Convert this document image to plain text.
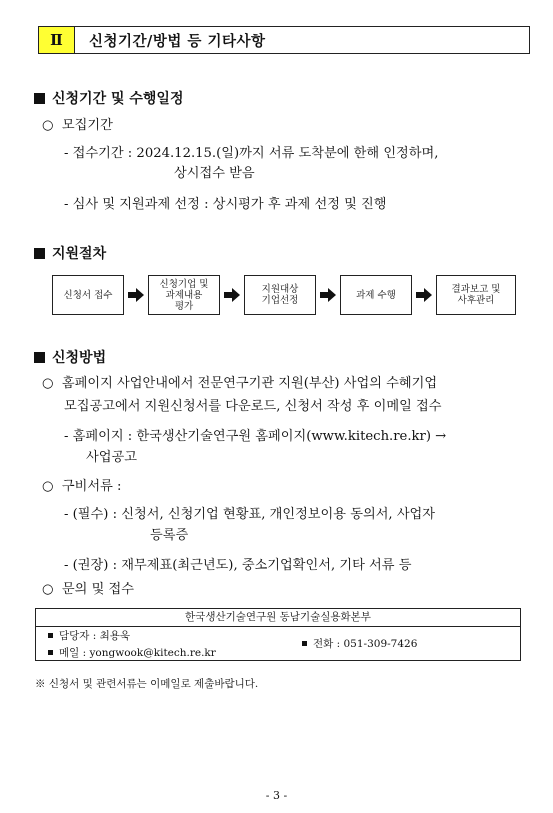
Ⅱ	신청기간/방법 등 기타사항
신청기간 및 수행일정
○ 모집기간
- 접수기간 : 2024.12.15.(일)까지 서류 도착분에 한해 인정하며,
상시접수 받음
- 심사 및 지원과제 선정 : 상시평가 후 과제 선정 및 진행
지원절차
신청서 접수
신청기업 및
과제내용
평가
지원대상
기업선정	과제 수행	결과보고 및
사후관리
신청방법
○ 홈페이지 사업안내에서 전문연구기관 지원(부산) 사업의 수혜기업
모집공고에서 지원신청서를 다운로드, 신청서 작성 후 이메일 접수
- 홈페이지 : 한국생산기술연구원 홈페이지(www.kitech.re.kr) →
사업공고
○ 구비서류 :
- (필수) : 신청서, 신청기업 현황표, 개인정보이용 동의서, 사업자
등록증
- (권장) : 재무제표(최근년도), 중소기업확인서, 기타 서류 등
○ 문의 및 접수
한국생산기술연구원 동남기술실용화본부
담당자 : 최용욱
메일 : yongwook@kitech.re.kr
전화 : 051-309-7426
※ 신청서 및 관련서류는 이메일로 제출바랍니다.
- 3 -
